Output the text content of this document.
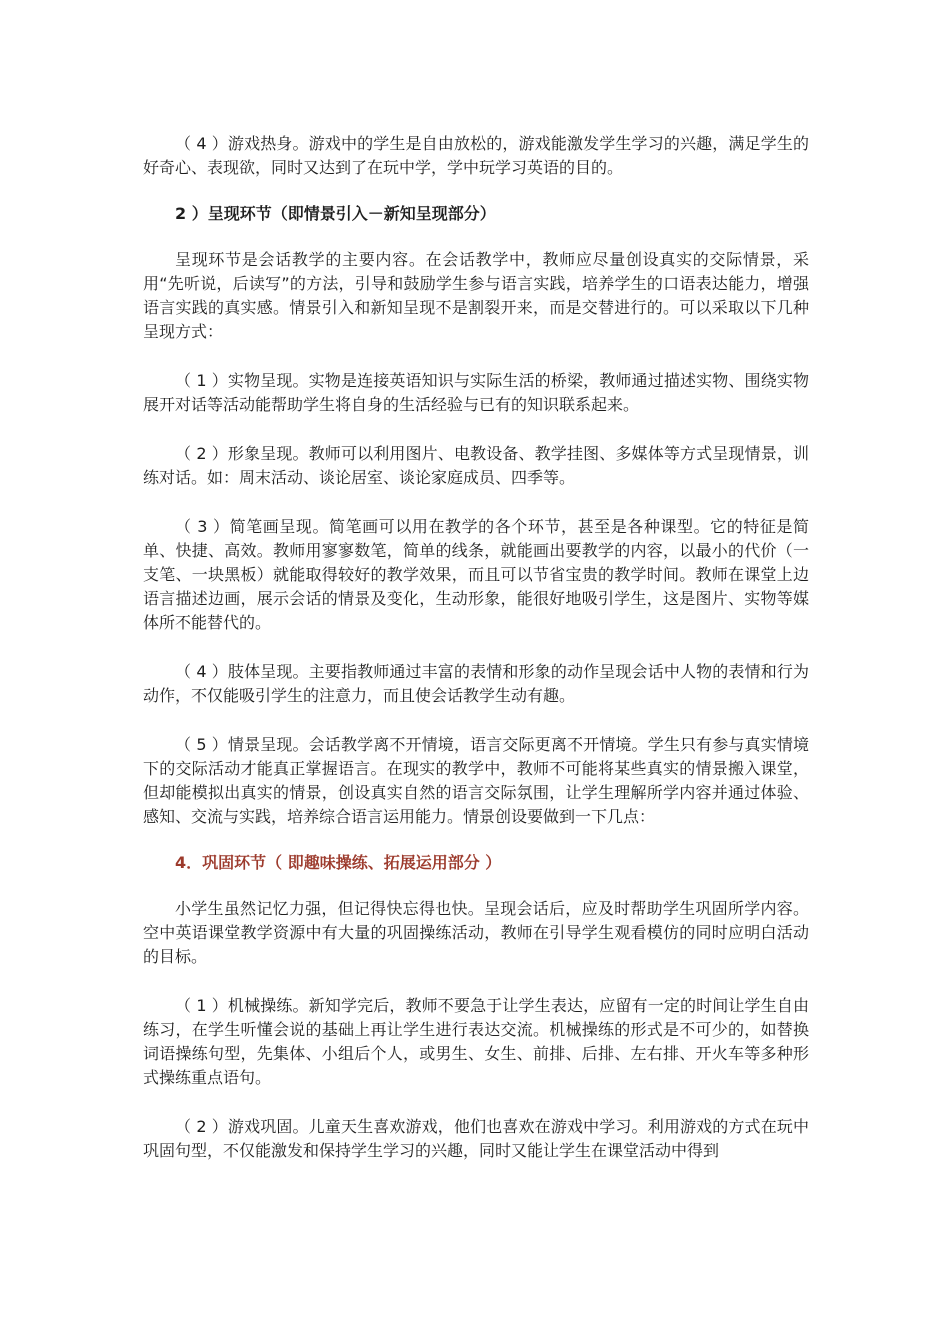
（ 4 ）游戏热身。游戏中的学生是自由放松的，游戏能激发学生学习的兴趣，满足学生的好奇心、表现欲，同时又达到了在玩中学，学中玩学习英语的目的。

2 ）呈现环节（即情景引入－新知呈现部分）

呈现环节是会话教学的主要内容。在会话教学中，教师应尽量创设真实的交际情景，采用“先听说，后读写”的方法，引导和鼓励学生参与语言实践，培养学生的口语表达能力，增强语言实践的真实感。情景引入和新知呈现不是割裂开来，而是交替进行的。可以采取以下几种呈现方式：

（ 1 ）实物呈现。实物是连接英语知识与实际生活的桥梁，教师通过描述实物、围绕实物展开对话等活动能帮助学生将自身的生活经验与已有的知识联系起来。

（ 2 ）形象呈现。教师可以利用图片、电教设备、教学挂图、多媒体等方式呈现情景，训练对话。如：周末活动、谈论居室、谈论家庭成员、四季等。

（ 3 ）简笔画呈现。简笔画可以用在教学的各个环节，甚至是各种课型。它的特征是简单、快捷、高效。教师用寥寥数笔，简单的线条，就能画出要教学的内容，以最小的代价（一支笔、一块黑板）就能取得较好的教学效果，而且可以节省宝贵的教学时间。教师在课堂上边语言描述边画，展示会话的情景及变化，生动形象，能很好地吸引学生，这是图片、实物等媒体所不能替代的。

（ 4 ）肢体呈现。主要指教师通过丰富的表情和形象的动作呈现会话中人物的表情和行为动作，不仅能吸引学生的注意力，而且使会话教学生动有趣。

（ 5 ）情景呈现。会话教学离不开情境，语言交际更离不开情境。学生只有参与真实情境下的交际活动才能真正掌握语言。在现实的教学中，教师不可能将某些真实的情景搬入课堂，但却能模拟出真实的情景，创设真实自然的语言交际氛围，让学生理解所学内容并通过体验、感知、交流与实践，培养综合语言运用能力。情景创设要做到一下几点：

4．巩固环节（ 即趣味操练、拓展运用部分 ）

小学生虽然记忆力强，但记得快忘得也快。呈现会话后，应及时帮助学生巩固所学内容。空中英语课堂教学资源中有大量的巩固操练活动，教师在引导学生观看模仿的同时应明白活动的目标。

（ 1 ）机械操练。新知学完后，教师不要急于让学生表达，应留有一定的时间让学生自由练习，在学生听懂会说的基础上再让学生进行表达交流。机械操练的形式是不可少的，如替换词语操练句型，先集体、小组后个人，或男生、女生、前排、后排、左右排、开火车等多种形式操练重点语句。

（ 2 ）游戏巩固。儿童天生喜欢游戏，他们也喜欢在游戏中学习。利用游戏的方式在玩中巩固句型，不仅能激发和保持学生学习的兴趣，同时又能让学生在课堂活动中得到
